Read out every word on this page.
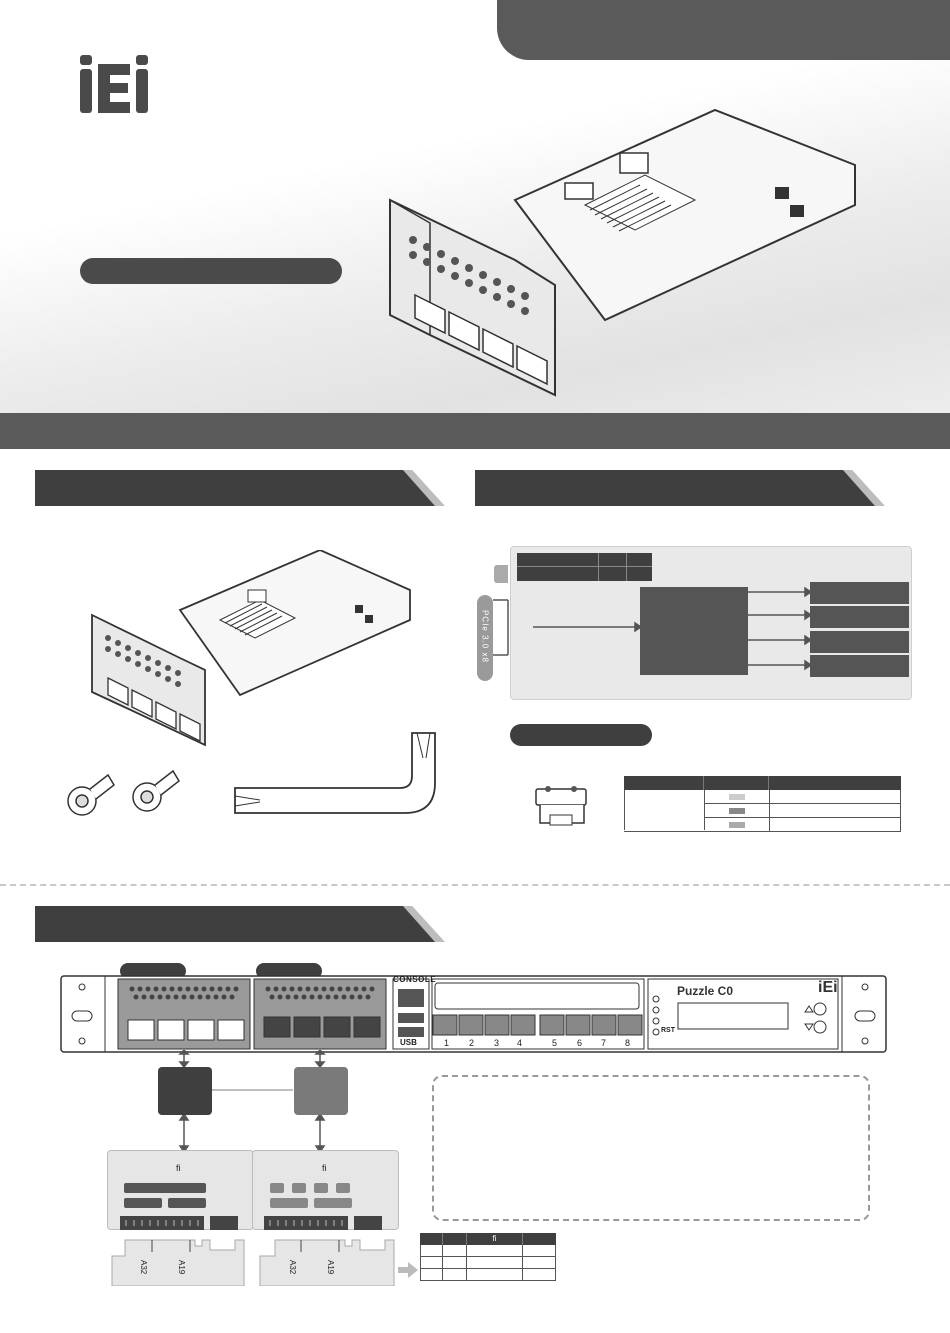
PCIe 3.0 x8
CONSOLE
USB
Puzzle C0	iEi
RST
1 2 3 4	5 6 7 8
fi	fi
A32	A19	A32	A19
fi
